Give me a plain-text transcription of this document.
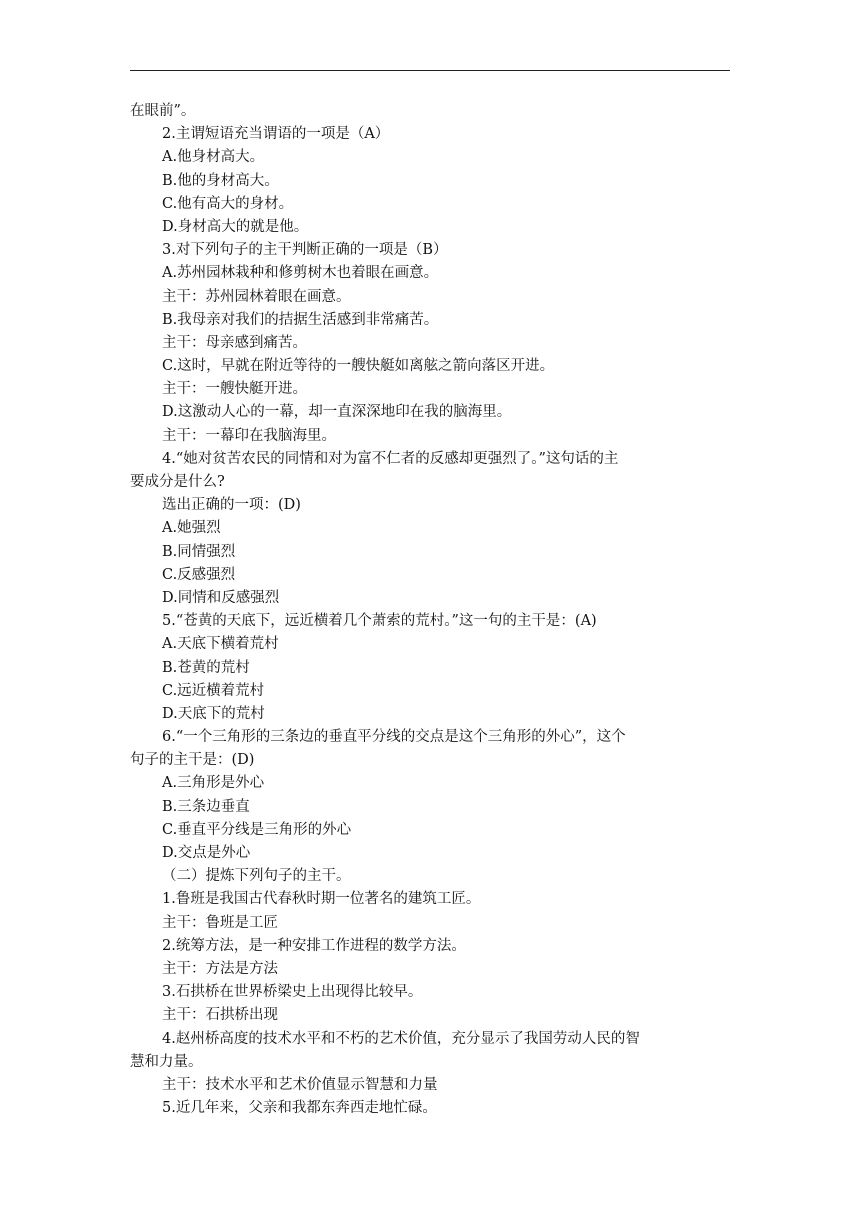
在眼前”。
2.主谓短语充当谓语的一项是（A）
A.他身材高大。
B.他的身材高大。
C.他有高大的身材。
D.身材高大的就是他。
3.对下列句子的主干判断正确的一项是（B）
A.苏州园林栽种和修剪树木也着眼在画意。
主干：苏州园林着眼在画意。
B.我母亲对我们的拮据生活感到非常痛苦。
主干：母亲感到痛苦。
C.这时，早就在附近等待的一艘快艇如离舷之箭向落区开进。
主干：一艘快艇开进。
D.这激动人心的一幕，却一直深深地印在我的脑海里。
主干：一幕印在我脑海里。
4.“她对贫苦农民的同情和对为富不仁者的反感却更强烈了。”这句话的主
要成分是什么?
选出正确的一项：(D)
A.她强烈
B.同情强烈
C.反感强烈
D.同情和反感强烈
5.“苍黄的天底下，远近横着几个萧索的荒村。”这一句的主干是：(A)
A.天底下横着荒村
B.苍黄的荒村
C.远近横着荒村
D.天底下的荒村
6.“一个三角形的三条边的垂直平分线的交点是这个三角形的外心”，这个
句子的主干是：(D)
A.三角形是外心
B.三条边垂直
C.垂直平分线是三角形的外心
D.交点是外心
（二）提炼下列句子的主干。
1.鲁班是我国古代春秋时期一位著名的建筑工匠。
主干：鲁班是工匠
2.统筹方法，是一种安排工作进程的数学方法。
主干：方法是方法
3.石拱桥在世界桥梁史上出现得比较早。
主干：石拱桥出现
4.赵州桥高度的技术水平和不朽的艺术价值，充分显示了我国劳动人民的智
慧和力量。
主干：技术水平和艺术价值显示智慧和力量
5.近几年来，父亲和我都东奔西走地忙碌。
